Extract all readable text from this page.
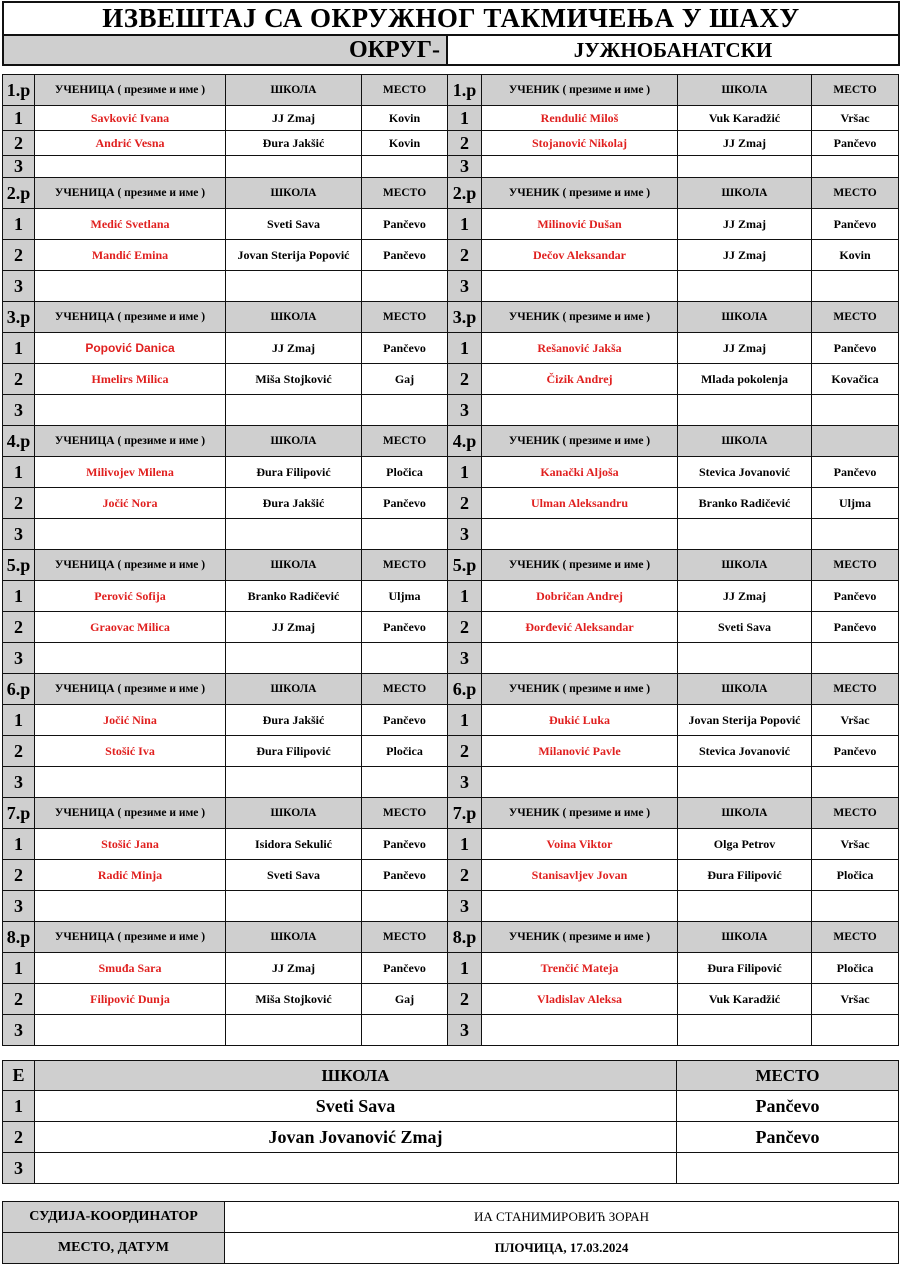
ИЗВЕШТАЈ СА ОКРУЖНОГ ТАКМИЧЕЊА У ШАХУ
ОКРУГ-	ЈУЖНОБАНАТСКИ
1.р	УЧЕНИЦА ( презиме и име )	ШКОЛА	МЕСТО	1.р	УЧЕНИК ( презиме и име )	ШКОЛА	МЕСТО
1	Savković Ivana	JJ Zmaj	Kovin	1	Rendulić Miloš	Vuk Karadžić	Vršac
2	Andrić Vesna	Đura Jakšić	Kovin	2	Stojanović Nikolaj	JJ Zmaj	Pančevo
3				3			
2.р	УЧЕНИЦА ( презиме и име )	ШКОЛА	МЕСТО	2.р	УЧЕНИК ( презиме и име )	ШКОЛА	МЕСТО
1	Medić Svetlana	Sveti Sava	Pančevo	1	Milinović Dušan	JJ Zmaj	Pančevo
2	Mandić Emina	Jovan Sterija Popović	Pančevo	2	Dečov Aleksandar	JJ Zmaj	Kovin
3				3			
3.р	УЧЕНИЦА ( презиме и име )	ШКОЛА	МЕСТО	3.р	УЧЕНИК ( презиме и име )	ШКОЛА	МЕСТО
1	Popović Danica	JJ Zmaj	Pančevo	1	Rešanović Jakša	JJ Zmaj	Pančevo
2	Hmelirs Milica	Miša Stojković	Gaj	2	Čizik Andrej	Mlada pokolenja	Kovačica
3				3			
4.р	УЧЕНИЦА ( презиме и име )	ШКОЛА	МЕСТО	4.р	УЧЕНИК ( презиме и име )	ШКОЛА	
1	Milivojev Milena	Đura Filipović	Pločica	1	Kanački Aljoša	Stevica Jovanović	Pančevo
2	Jočić Nora	Đura Jakšić	Pančevo	2	Ulman Aleksandru	Branko Radičević	Uljma
3				3			
5.р	УЧЕНИЦА ( презиме и име )	ШКОЛА	МЕСТО	5.р	УЧЕНИК ( презиме и име )	ШКОЛА	МЕСТО
1	Perović Sofija	Branko Radičević	Uljma	1	Dobričan Andrej	JJ Zmaj	Pančevo
2	Graovac Milica	JJ Zmaj	Pančevo	2	Đorđević Aleksandar	Sveti Sava	Pančevo
3				3			
6.р	УЧЕНИЦА ( презиме и име )	ШКОЛА	МЕСТО	6.р	УЧЕНИК ( презиме и име )	ШКОЛА	МЕСТО
1	Jočić Nina	Đura Jakšić	Pančevo	1	Đukić Luka	Jovan Sterija Popović	Vršac
2	Stošić Iva	Đura Filipović	Pločica	2	Milanović Pavle	Stevica Jovanović	Pančevo
3				3			
7.р	УЧЕНИЦА ( презиме и име )	ШКОЛА	МЕСТО	7.р	УЧЕНИК ( презиме и име )	ШКОЛА	МЕСТО
1	Stošić Jana	Isidora Sekulić	Pančevo	1	Voina Viktor	Olga Petrov	Vršac
2	Radić Minja	Sveti Sava	Pančevo	2	Stanisavljev Jovan	Đura Filipović	Pločica
3				3			
8.р	УЧЕНИЦА ( презиме и име )	ШКОЛА	МЕСТО	8.р	УЧЕНИК ( презиме и име )	ШКОЛА	МЕСТО
1	Smuđa Sara	JJ Zmaj	Pančevo	1	Trenčić Mateja	Đura Filipović	Pločica
2	Filipović Dunja	Miša Stojković	Gaj	2	Vladislav Aleksa	Vuk Karadžić	Vršac
3				3			
Е	ШКОЛА	МЕСТО
1	Sveti Sava	Pančevo
2	Jovan Jovanović Zmaj	Pančevo
3		
СУДИЈА-КООРДИНАТОР	ИА СТАНИМИРОВИЋ ЗОРАН
МЕСТО, ДАТУМ	ПЛОЧИЦА, 17.03.2024
